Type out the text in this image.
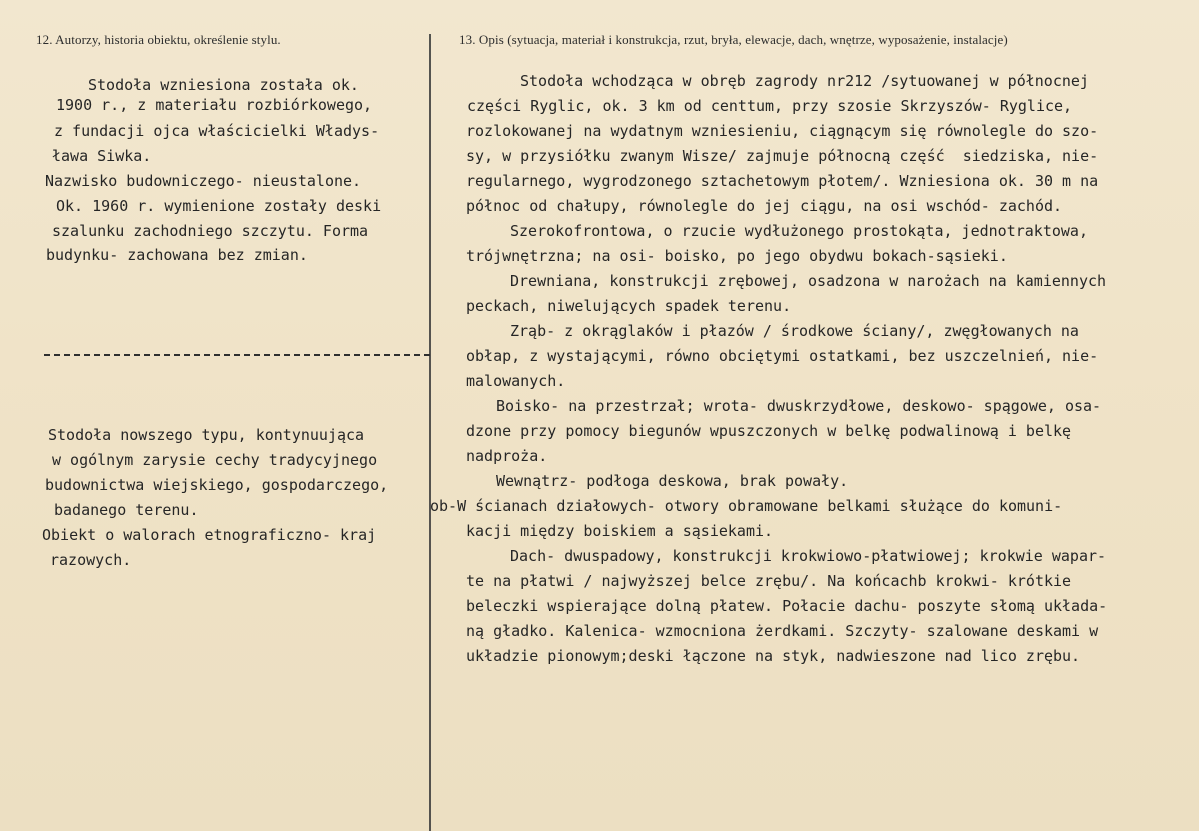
12. Autorzy, historia obiektu, określenie stylu.	13. Opis (sytuacja, materiał i konstrukcja, rzut, bryła, elewacje, dach, wnętrze, wyposażenie, instalacje)
Stodoła wzniesiona została ok.
1900 r., z materiału rozbiórkowego,
z fundacji ojca właścicielki Władys-
ława Siwka.
Nazwisko budowniczego- nieustalone.
Ok. 1960 r. wymienione zostały deski
szalunku zachodniego szczytu. Forma
budynku- zachowana bez zmian.
Stodoła nowszego typu, kontynuująca
w ogólnym zarysie cechy tradycyjnego
budownictwa wiejskiego, gospodarczego,
badanego terenu.
Obiekt o walorach etnograficzno- kraj
razowych.
Stodoła wchodząca w obręb zagrody nr212 /sytuowanej w północnej
części Ryglic, ok. 3 km od centtum, przy szosie Skrzyszów- Ryglice,
rozlokowanej na wydatnym wzniesieniu, ciągnącym się równolegle do szo-
sy, w przysiółku zwanym Wisze/ zajmuje północną część  siedziska, nie-
regularnego, wygrodzonego sztachetowym płotem/. Wzniesiona ok. 30 m na
północ od chałupy, równolegle do jej ciągu, na osi wschód- zachód.
Szerokofrontowa, o rzucie wydłużonego prostokąta, jednotraktowa,
trójwnętrzna; na osi- boisko, po jego obydwu bokach-sąsieki.
Drewniana, konstrukcji zrębowej, osadzona w narożach na kamiennych
peckach, niwelujących spadek terenu.
Zrąb- z okrąglaków i płazów / środkowe ściany/, zwęgłowanych na
obłap, z wystającymi, równo obciętymi ostatkami, bez uszczelnień, nie-
malowanych.
Boisko- na przestrzał; wrota- dwuskrzydłowe, deskowo- spągowe, osa-
dzone przy pomocy biegunów wpuszczonych w belkę podwalinową i belkę
nadproża.
Wewnątrz- podłoga deskowa, brak powały.
ob-W ścianach działowych- otwory obramowane belkami służące do komuni-
kacji między boiskiem a sąsiekami.
Dach- dwuspadowy, konstrukcji krokwiowo-płatwiowej; krokwie wapar-
te na płatwi / najwyższej belce zrębu/. Na końcachb krokwi- krótkie
beleczki wspierające dolną płatew. Połacie dachu- poszyte słomą układa-
ną gładko. Kalenica- wzmocniona żerdkami. Szczyty- szalowane deskami w
układzie pionowym;deski łączone na styk, nadwieszone nad lico zrębu.
